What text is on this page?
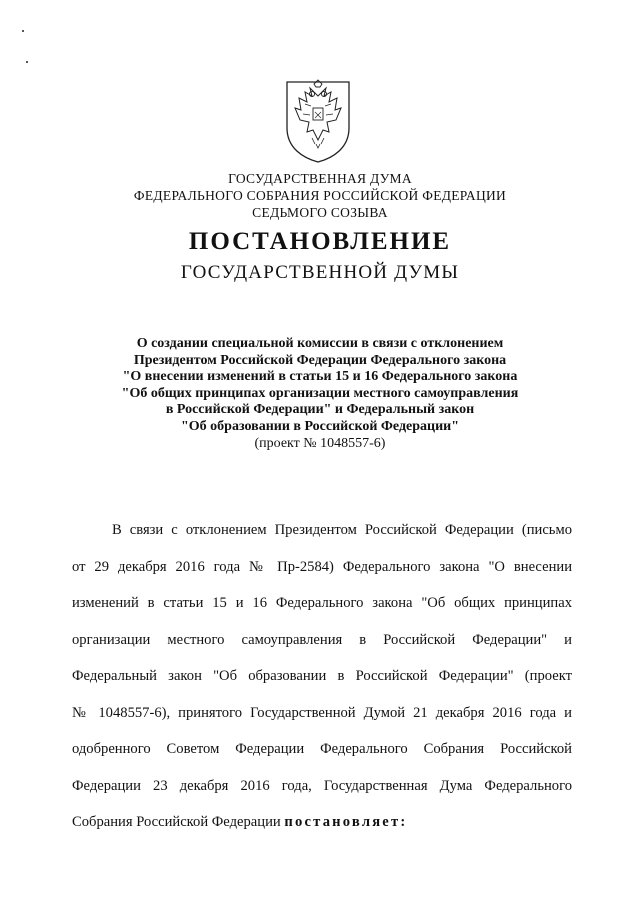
ГОСУДАРСТВЕННАЯ ДУМА
ФЕДЕРАЛЬНОГО СОБРАНИЯ РОССИЙСКОЙ ФЕДЕРАЦИИ
СЕДЬМОГО СОЗЫВА
ПОСТАНОВЛЕНИЕ
ГОСУДАРСТВЕННОЙ ДУМЫ
О создании специальной комиссии в связи с отклонением
Президентом Российской Федерации Федерального закона
"О внесении изменений в статьи 15 и 16 Федерального закона
"Об общих принципах организации местного самоуправления
в Российской Федерации" и Федеральный закон
"Об образовании в Российской Федерации"
(проект № 1048557-6)
В связи с отклонением Президентом Российской Федерации (письмо
от 29 декабря 2016 года № Пр-2584) Федерального закона "О внесении
изменений в статьи 15 и 16 Федерального закона "Об общих принципах
организации местного самоуправления в Российской Федерации" и
Федеральный закон "Об образовании в Российской Федерации" (проект
№ 1048557-6), принятого Государственной Думой 21 декабря 2016 года и
одобренного Советом Федерации Федерального Собрания Российской
Федерации 23 декабря 2016 года, Государственная Дума Федерального
Собрания Российской Федерации постановляет:
